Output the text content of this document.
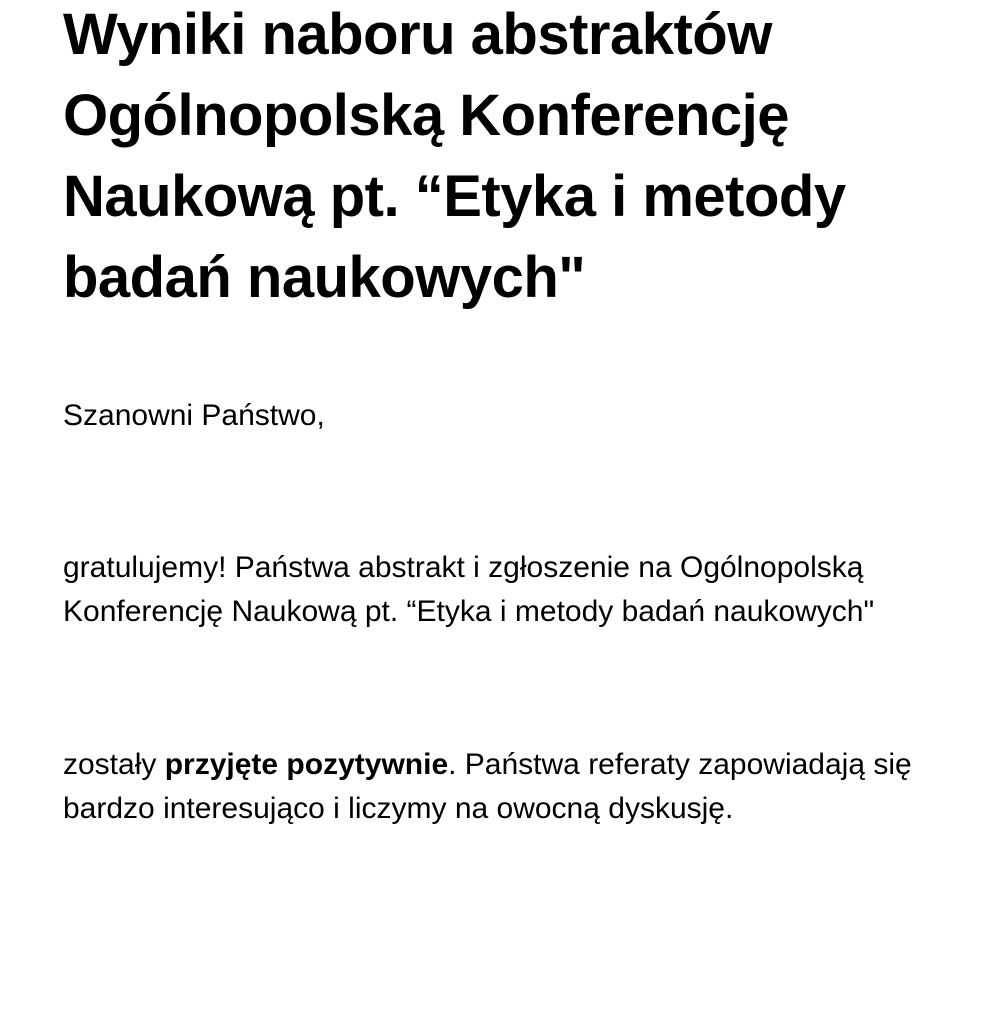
Wyniki naboru abstraktów Ogólnopolską Konferencję Naukową pt. “Etyka i metody badań naukowych"

Szanowni Państwo,

gratulujemy! Państwa abstrakt i zgłoszenie na Ogólnopolską Konferencję Naukową pt. “Etyka i metody badań naukowych"

zostały przyjęte pozytywnie. Państwa referaty zapowiadają się bardzo interesująco i liczymy na owocną dyskusję.
